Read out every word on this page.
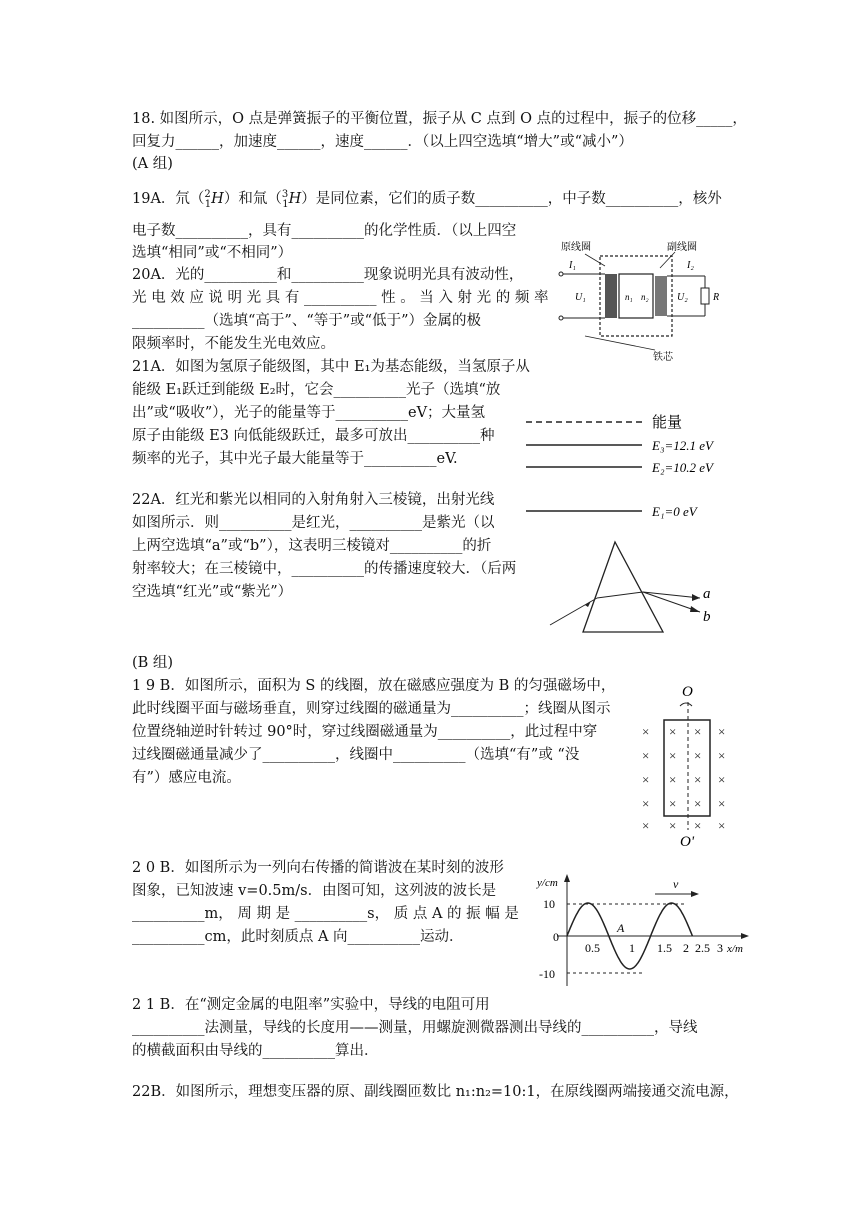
18. 如图所示，O 点是弹簧振子的平衡位置，振子从 C 点到 O 点的过程中，振子的位移_____，
回复力______，加速度______，速度______．（以上四空选填“增大”或“减小”）
(A 组)
19A．氘（$^2_1$H）和氚（$^3_1$H）是同位素，它们的质子数__________，中子数__________，核外
电子数__________，具有__________的化学性质．（以上四空
选填“相同”或“不相同”）
20A．光的__________和__________现象说明光具有波动性，
光 电 效 应 说 明 光 具 有 __________ 性 。 当 入 射 光 的 频 率
__________（选填“高于”、“等于”或“低于”）金属的极
限频率时，不能发生光电效应。
21A．如图为氢原子能级图，其中 E₁为基态能级，当氢原子从
能级 E₁跃迁到能级 E₂时，它会__________光子（选填“放
出”或“吸收”），光子的能量等于__________eV；大量氢
原子由能级 E3 向低能级跃迁，最多可放出__________种
频率的光子，其中光子最大能量等于__________eV.
22A．红光和紫光以相同的入射角射入三棱镜，出射光线
如图所示．则__________是红光，__________是紫光（以
上两空选填“a”或“b”），这表明三棱镜对__________的折
射率较大；在三棱镜中，__________的传播速度较大．（后两
空选填“红光”或“紫光”）
(B 组)
1 9 B．如图所示，面积为 S 的线圈，放在磁感应强度为 B 的匀强磁场中，
此时线圈平面与磁场垂直，则穿过线圈的磁通量为__________；线圈从图示
位置绕轴逆时针转过 90°时，穿过线圈磁通量为__________，此过程中穿
过线圈磁通量减少了__________，线圈中__________（选填“有”或 “没
有”）感应电流。
2 0 B．如图所示为一列向右传播的简谐波在某时刻的波形
图象，已知波速 v=0.5m/s．由图可知，这列波的波长是
__________m， 周 期 是 __________s， 质 点 A 的 振 幅 是
__________cm，此时刻质点 A 向__________运动．
2 1 B．在“测定金属的电阻率”实验中，导线的电阻可用
__________法测量，导线的长度用——测量，用螺旋测微器测出导线的__________，导线
的横截面积由导线的__________算出．
22B．如图所示，理想变压器的原、副线圈匝数比 n₁:n₂=10:1，在原线圈两端接通交流电源，
原线圈	副线圈
铁芯
I₁	I₂
U₁	U₂
n₁ n₂	R
能量
E₃=12.1 eV
E₂=10.2 eV
E₁=0 eV
a
b
O
× × × ×
× × × ×
× × × ×
× × × ×
× × × ×
O'
y/cm
x/m
10
0
-10
0.5 1 1.5 2 2.5 3
A
v
